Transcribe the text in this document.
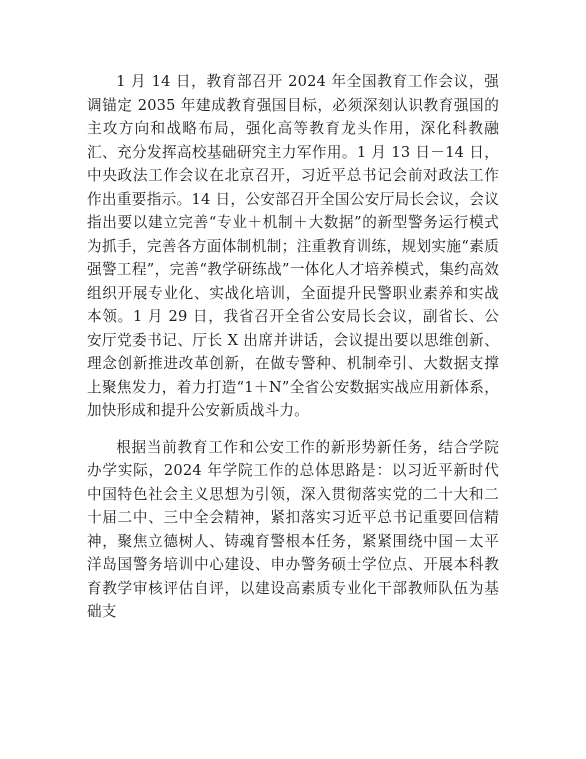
1 月 14 日，教育部召开 2024 年全国教育工作会议，强调锚定 2035 年建成教育强国目标，必须深刻认识教育强国的主攻方向和战略布局，强化高等教育龙头作用，深化科教融汇、充分发挥高校基础研究主力军作用。1 月 13 日－14 日，中央政法工作会议在北京召开，习近平总书记会前对政法工作作出重要指示。14 日，公安部召开全国公安厅局长会议，会议指出要以建立完善“专业＋机制＋大数据”的新型警务运行模式为抓手，完善各方面体制机制；注重教育训练，规划实施“素质强警工程”，完善“教学研练战”一体化人才培养模式，集约高效组织开展专业化、实战化培训，全面提升民警职业素养和实战本领。1 月 29 日，我省召开全省公安局长会议，副省长、公安厅党委书记、厅长 X 出席并讲话，会议提出要以思维创新、理念创新推进改革创新，在做专警种、机制牵引、大数据支撑上聚焦发力，着力打造“1＋N”全省公安数据实战应用新体系，加快形成和提升公安新质战斗力。

根据当前教育工作和公安工作的新形势新任务，结合学院办学实际，2024 年学院工作的总体思路是：以习近平新时代中国特色社会主义思想为引领，深入贯彻落实党的二十大和二十届二中、三中全会精神，紧扣落实习近平总书记重要回信精神，聚焦立德树人、铸魂育警根本任务，紧紧围绕中国－太平洋岛国警务培训中心建设、申办警务硕士学位点、开展本科教育教学审核评估自评，以建设高素质专业化干部教师队伍为基础支
